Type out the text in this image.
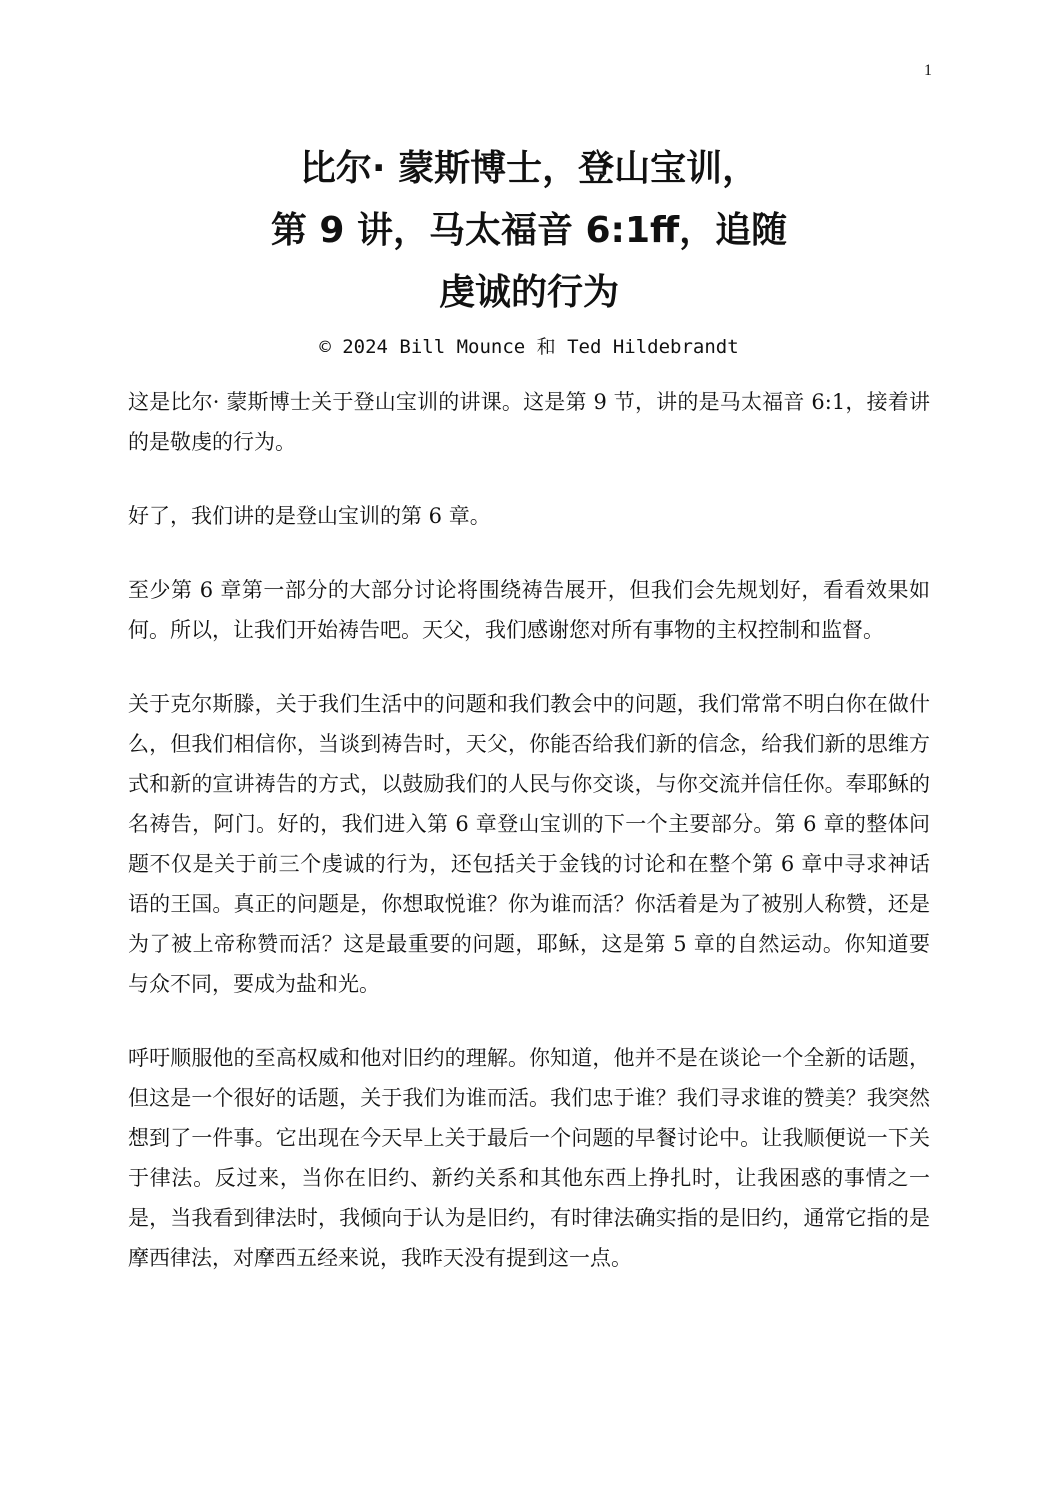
1
比尔· 蒙斯博士，登山宝训，
第 9 讲，马太福音 6:1ff，追随
虔诚的行为
© 2024 Bill Mounce 和 Ted Hildebrandt

这是比尔· 蒙斯博士关于登山宝训的讲课。这是第 9 节，讲的是马太福音 6:1，接着讲的是敬虔的行为。

好了，我们讲的是登山宝训的第 6 章。

至少第 6 章第一部分的大部分讨论将围绕祷告展开，但我们会先规划好，看看效果如何。所以，让我们开始祷告吧。天父，我们感谢您对所有事物的主权控制和监督。

关于克尔斯滕，关于我们生活中的问题和我们教会中的问题，我们常常不明白你在做什么，但我们相信你，当谈到祷告时，天父，你能否给我们新的信念，给我们新的思维方式和新的宣讲祷告的方式，以鼓励我们的人民与你交谈，与你交流并信任你。奉耶稣的名祷告，阿门。好的，我们进入第 6 章登山宝训的下一个主要部分。第 6 章的整体问题不仅是关于前三个虔诚的行为，还包括关于金钱的讨论和在整个第 6 章中寻求神话语的王国。真正的问题是，你想取悦谁？你为谁而活？你活着是为了被别人称赞，还是为了被上帝称赞而活？这是最重要的问题，耶稣，这是第 5 章的自然运动。你知道要与众不同，要成为盐和光。

呼吁顺服他的至高权威和他对旧约的理解。你知道，他并不是在谈论一个全新的话题，但这是一个很好的话题，关于我们为谁而活。我们忠于谁？我们寻求谁的赞美？我突然想到了一件事。它出现在今天早上关于最后一个问题的早餐讨论中。让我顺便说一下关于律法。反过来，当你在旧约、新约关系和其他东西上挣扎时，让我困惑的事情之一是，当我看到律法时，我倾向于认为是旧约，有时律法确实指的是旧约，通常它指的是摩西律法，对摩西五经来说，我昨天没有提到这一点。
